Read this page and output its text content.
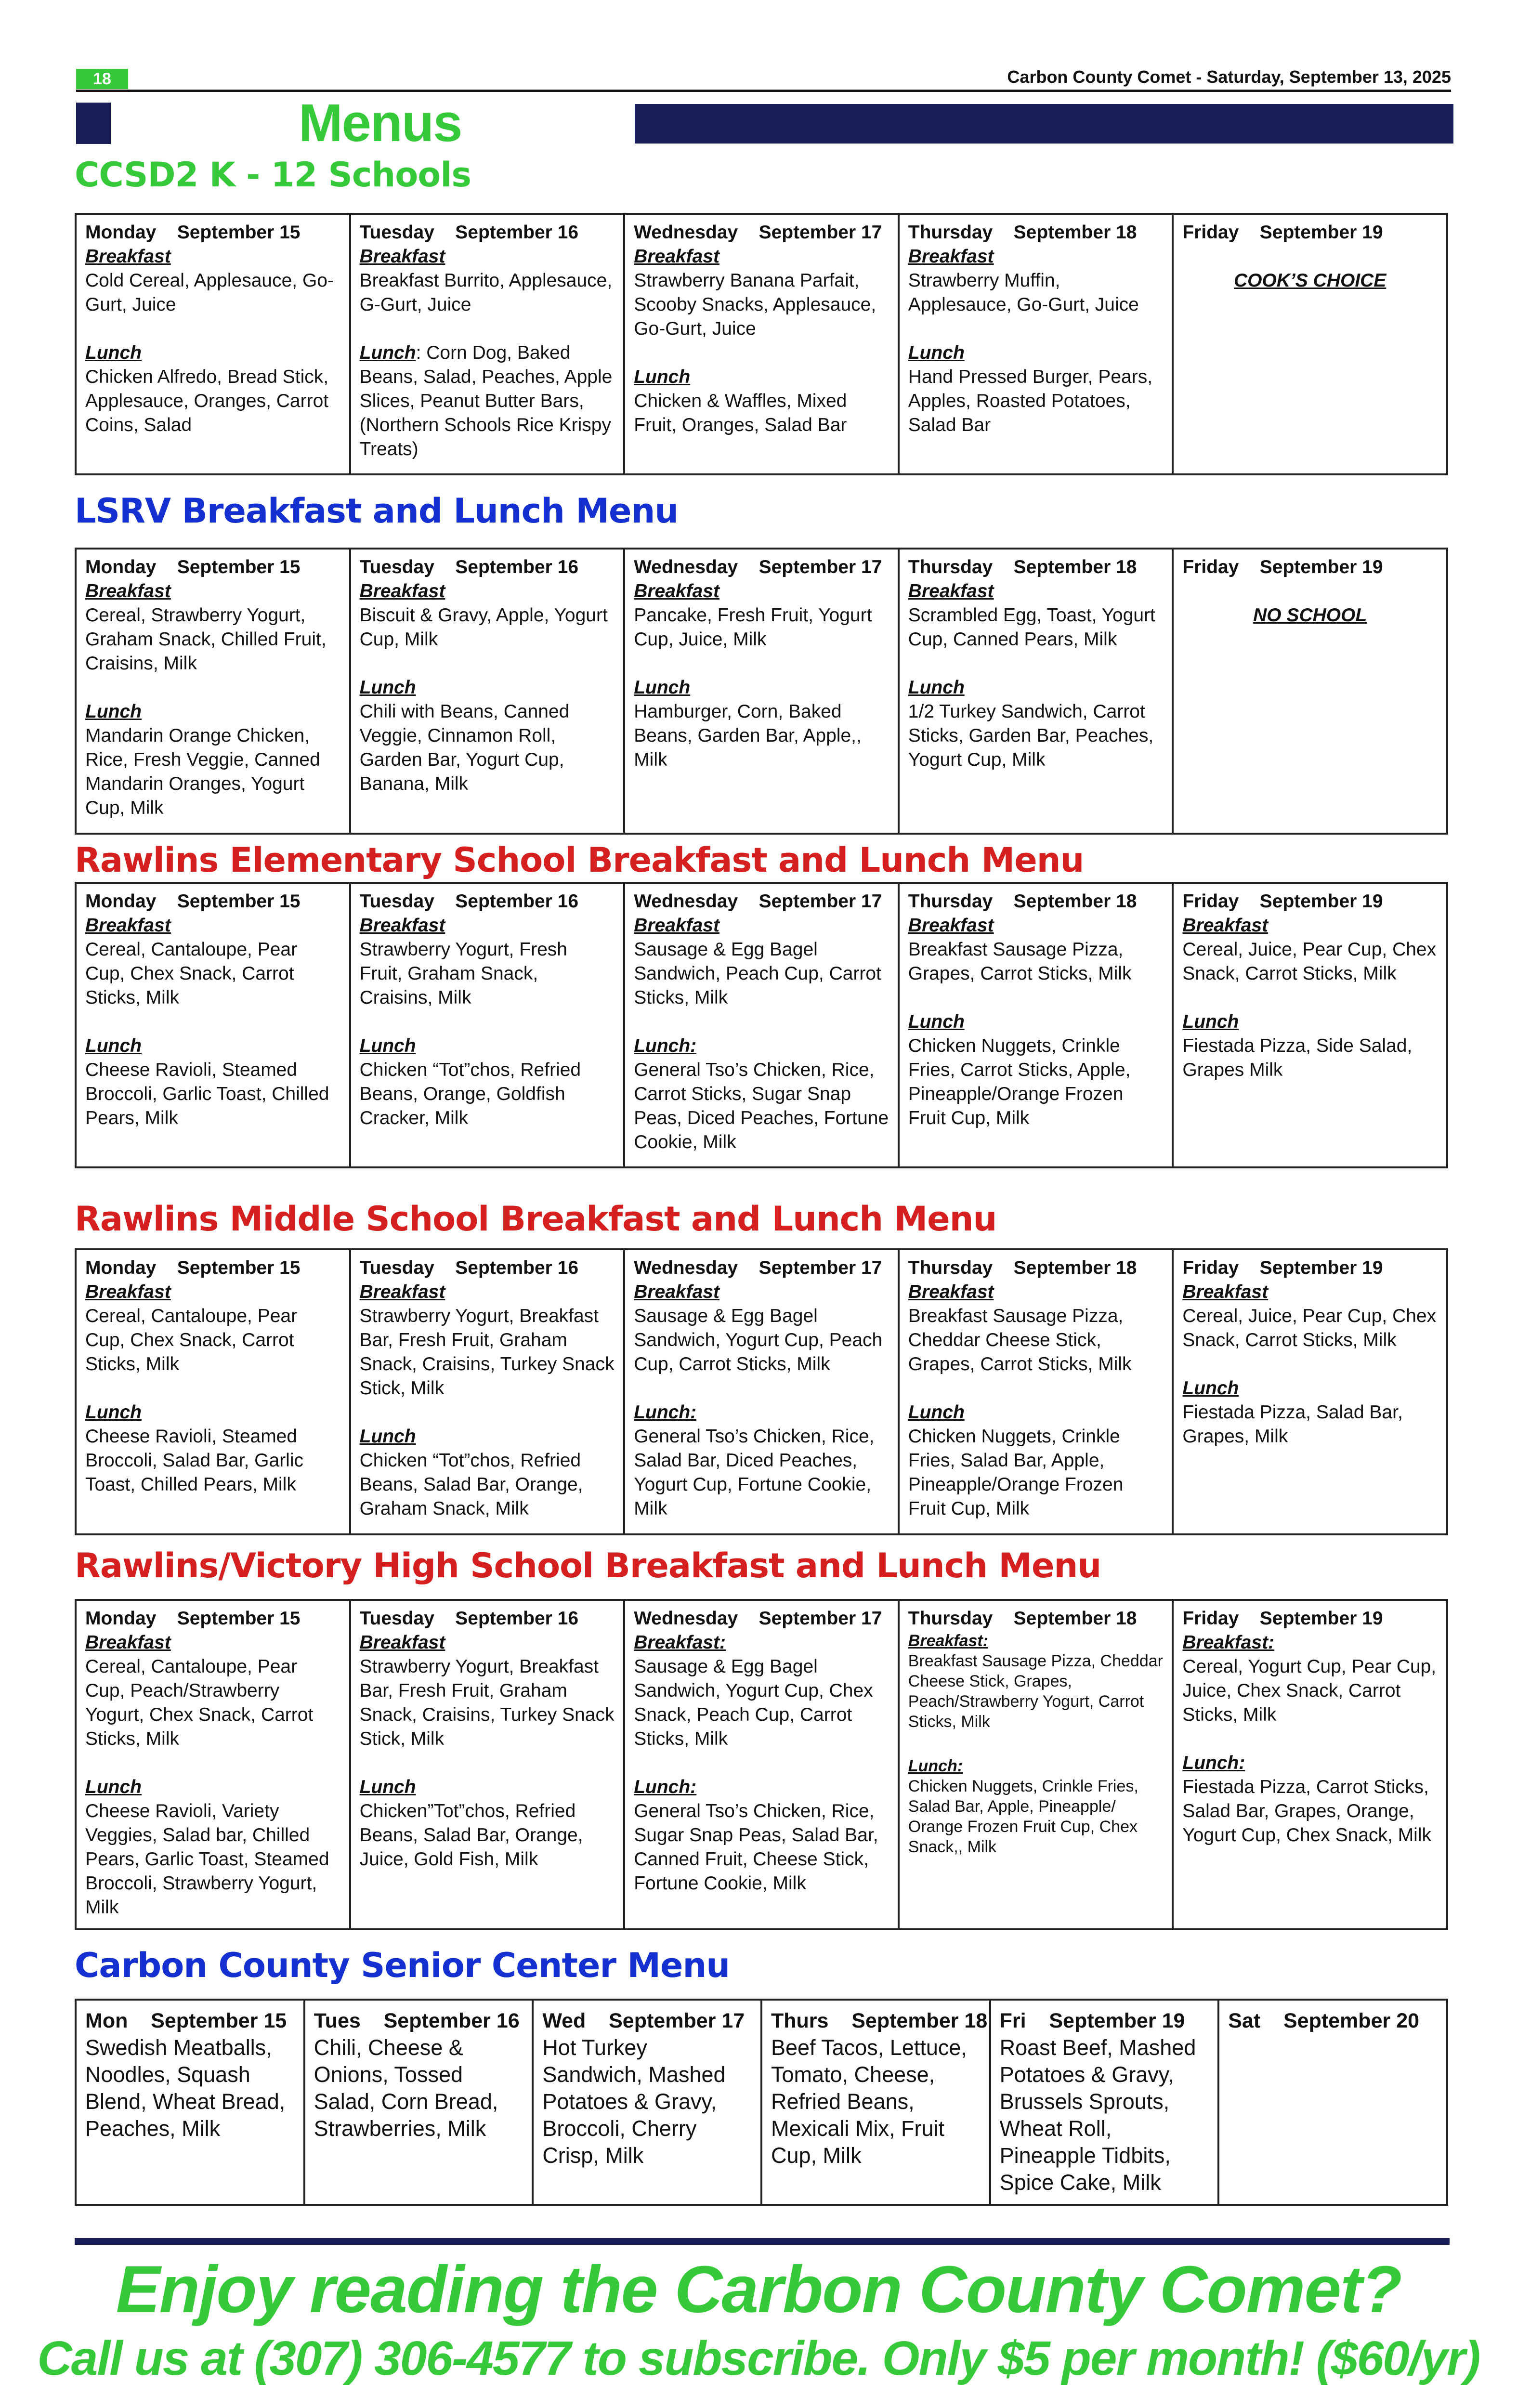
18	Carbon County Comet - Saturday, September 13, 2025
Menus
CCSD2 K - 12 Schools
Monday September 15
Breakfast
Cold Cereal, Applesauce, Go-Gurt, Juice
Lunch
Chicken Alfredo, Bread Stick, Applesauce, Oranges, Carrot Coins, Salad

Tuesday September 16
Breakfast
Breakfast Burrito, Applesauce, G-Gurt, Juice
Lunch: Corn Dog, Baked Beans, Salad, Peaches, Apple Slices, Peanut Butter Bars, (Northern Schools Rice Krispy Treats)

Wednesday September 17
Breakfast
Strawberry Banana Parfait, Scooby Snacks, Applesauce, Go-Gurt, Juice
Lunch
Chicken & Waffles, Mixed Fruit, Oranges, Salad Bar

Thursday September 18
Breakfast
Strawberry Muffin, Applesauce, Go-Gurt, Juice
Lunch
Hand Pressed Burger, Pears, Apples, Roasted Potatoes, Salad Bar

Friday September 19
COOK’S CHOICE
LSRV Breakfast and Lunch Menu
Monday September 15
Breakfast
Cereal, Strawberry Yogurt, Graham Snack, Chilled Fruit, Craisins, Milk
Lunch
Mandarin Orange Chicken, Rice, Fresh Veggie, Canned Mandarin Oranges, Yogurt Cup, Milk

Tuesday September 16
Breakfast
Biscuit & Gravy, Apple, Yogurt Cup, Milk
Lunch
Chili with Beans, Canned Veggie, Cinnamon Roll, Garden Bar, Yogurt Cup, Banana, Milk

Wednesday September 17
Breakfast
Pancake, Fresh Fruit, Yogurt Cup, Juice, Milk
Lunch
Hamburger, Corn, Baked Beans, Garden Bar, Apple,, Milk

Thursday September 18
Breakfast
Scrambled Egg, Toast, Yogurt Cup, Canned Pears, Milk
Lunch
1/2 Turkey Sandwich, Carrot Sticks, Garden Bar, Peaches, Yogurt Cup, Milk

Friday September 19
NO SCHOOL
Rawlins Elementary School Breakfast and Lunch Menu
Monday September 15
Breakfast
Cereal, Cantaloupe, Pear Cup, Chex Snack, Carrot Sticks, Milk
Lunch
Cheese Ravioli, Steamed Broccoli, Garlic Toast, Chilled Pears, Milk

Tuesday September 16
Breakfast
Strawberry Yogurt, Fresh Fruit, Graham Snack, Craisins, Milk
Lunch
Chicken “Tot”chos, Refried Beans, Orange, Goldfish Cracker, Milk

Wednesday September 17
Breakfast
Sausage & Egg Bagel Sandwich, Peach Cup, Carrot Sticks, Milk
Lunch:
General Tso’s Chicken, Rice, Carrot Sticks, Sugar Snap Peas, Diced Peaches, Fortune Cookie, Milk

Thursday September 18
Breakfast
Breakfast Sausage Pizza, Grapes, Carrot Sticks, Milk
Lunch
Chicken Nuggets, Crinkle Fries, Carrot Sticks, Apple, Pineapple/Orange Frozen Fruit Cup, Milk

Friday September 19
Breakfast
Cereal, Juice, Pear Cup, Chex Snack, Carrot Sticks, Milk
Lunch
Fiestada Pizza, Side Salad, Grapes Milk
Rawlins Middle School Breakfast and Lunch Menu
Monday September 15
Breakfast
Cereal, Cantaloupe, Pear Cup, Chex Snack, Carrot Sticks, Milk
Lunch
Cheese Ravioli, Steamed Broccoli, Salad Bar, Garlic Toast, Chilled Pears, Milk

Tuesday September 16
Breakfast
Strawberry Yogurt, Breakfast Bar, Fresh Fruit, Graham Snack, Craisins, Turkey Snack Stick, Milk
Lunch
Chicken “Tot”chos, Refried Beans, Salad Bar, Orange, Graham Snack, Milk

Wednesday September 17
Breakfast
Sausage & Egg Bagel Sandwich, Yogurt Cup, Peach Cup, Carrot Sticks, Milk
Lunch:
General Tso’s Chicken, Rice, Salad Bar, Diced Peaches, Yogurt Cup, Fortune Cookie, Milk

Thursday September 18
Breakfast
Breakfast Sausage Pizza, Cheddar Cheese Stick, Grapes, Carrot Sticks, Milk
Lunch
Chicken Nuggets, Crinkle Fries, Salad Bar, Apple, Pineapple/Orange Frozen Fruit Cup, Milk

Friday September 19
Breakfast
Cereal, Juice, Pear Cup, Chex Snack, Carrot Sticks, Milk
Lunch
Fiestada Pizza, Salad Bar, Grapes, Milk
Rawlins/Victory High School Breakfast and Lunch Menu
Monday September 15
Breakfast
Cereal, Cantaloupe, Pear Cup, Peach/Strawberry Yogurt, Chex Snack, Carrot Sticks, Milk
Lunch
Cheese Ravioli, Variety Veggies, Salad bar, Chilled Pears, Garlic Toast, Steamed Broccoli, Strawberry Yogurt, Milk

Tuesday September 16
Breakfast
Strawberry Yogurt, Breakfast Bar, Fresh Fruit, Graham Snack, Craisins, Turkey Snack Stick, Milk
Lunch
Chicken”Tot”chos, Refried Beans, Salad Bar, Orange, Juice, Gold Fish, Milk

Wednesday September 17
Breakfast:
Sausage & Egg Bagel Sandwich, Yogurt Cup, Chex Snack, Peach Cup, Carrot Sticks, Milk
Lunch:
General Tso’s Chicken, Rice, Sugar Snap Peas, Salad Bar, Canned Fruit, Cheese Stick, Fortune Cookie, Milk

Thursday September 18
Breakfast:
Breakfast Sausage Pizza, Cheddar Cheese Stick, Grapes, Peach/Strawberry Yogurt, Carrot Sticks, Milk
Lunch:
Chicken Nuggets, Crinkle Fries, Salad Bar, Apple, Pineapple/ Orange Frozen Fruit Cup, Chex Snack,, Milk

Friday September 19
Breakfast:
Cereal, Yogurt Cup, Pear Cup, Juice, Chex Snack, Carrot Sticks, Milk
Lunch:
Fiestada Pizza, Carrot Sticks, Salad Bar, Grapes, Orange, Yogurt Cup, Chex Snack, Milk
Carbon County Senior Center Menu
Mon September 15
Swedish Meatballs, Noodles, Squash Blend, Wheat Bread, Peaches, Milk

Tues September 16
Chili, Cheese & Onions, Tossed Salad, Corn Bread, Strawberries, Milk

Wed September 17
Hot Turkey Sandwich, Mashed Potatoes & Gravy, Broccoli, Cherry Crisp, Milk

Thurs September 18
Beef Tacos, Lettuce, Tomato, Cheese, Refried Beans, Mexicali Mix, Fruit Cup, Milk

Fri September 19
Roast Beef, Mashed Potatoes & Gravy, Brussels Sprouts, Wheat Roll, Pineapple Tidbits, Spice Cake, Milk

Sat September 20
Enjoy reading the Carbon County Comet?
Call us at (307) 306-4577 to subscribe. Only $5 per month! ($60/yr)
